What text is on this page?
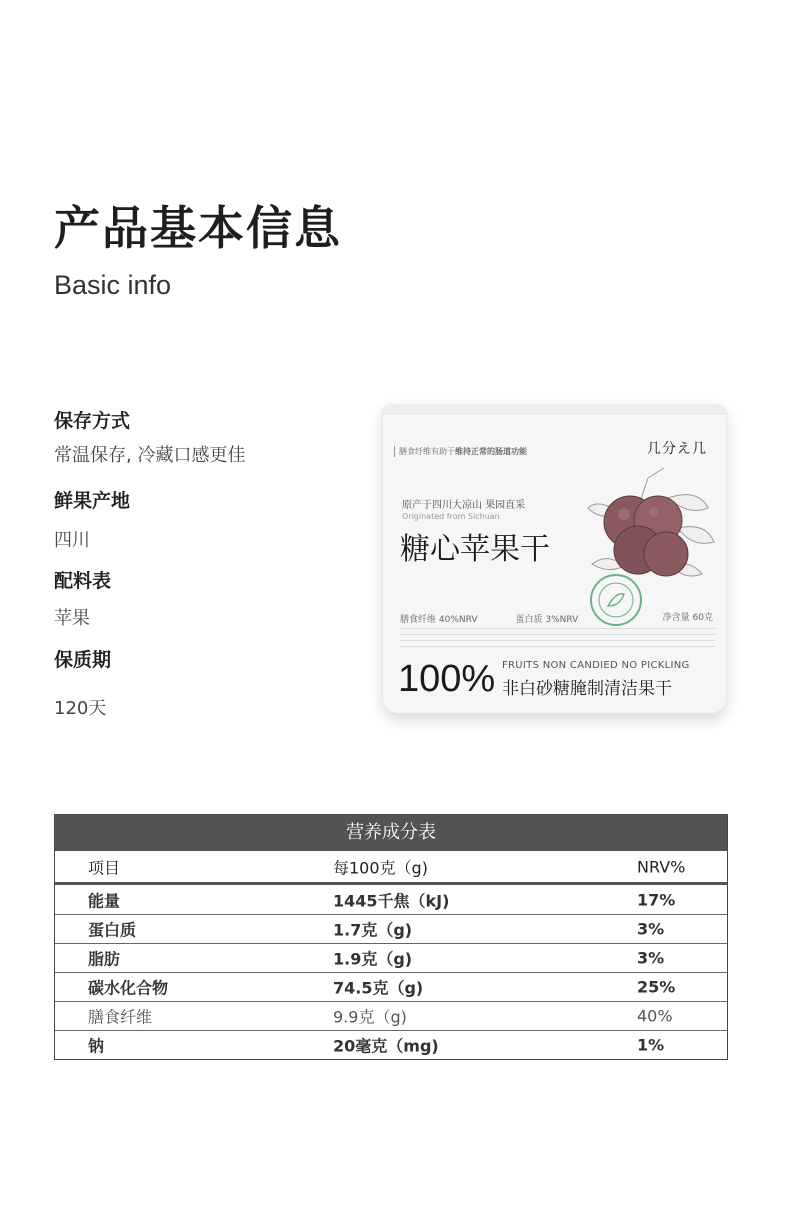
产品基本信息
Basic info
保存方式
常温保存, 冷藏口感更佳
鲜果产地
四川
配料表
苹果
保质期
120天
膳食纤维有助于维持正常的肠道功能	几分え几
原产于四川大凉山 果园直采
Originated from Sichuan
糖心苹果干
膳食纤维 40%NRV	蛋白质 3%NRV	净含量 60克
100% FRUITS NON CANDIED NO PICKLING
非白砂糖腌制清洁果干
营养成分表
项目	每100克（g)	NRV%
能量	1445千焦（kJ)	17%
蛋白质	1.7克（g)	3%
脂肪	1.9克（g)	3%
碳水化合物	74.5克（g)	25%
膳食纤维	9.9克（g)	40%
钠	20毫克（mg)	1%
